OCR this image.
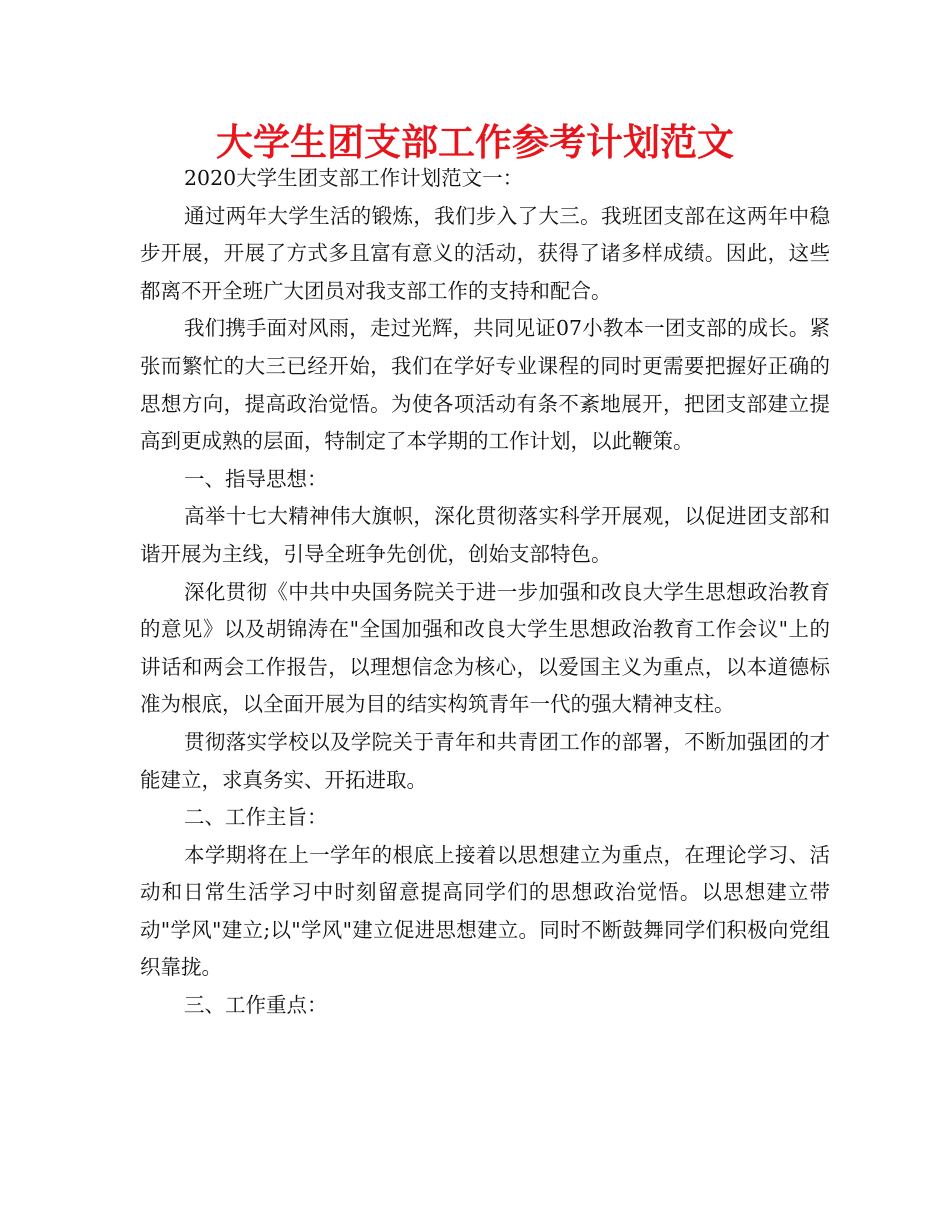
大学生团支部工作参考计划范文

2020大学生团支部工作计划范文一：

通过两年大学生活的锻炼，我们步入了大三。我班团支部在这两年中稳步开展，开展了方式多且富有意义的活动，获得了诸多样成绩。因此，这些都离不开全班广大团员对我支部工作的支持和配合。

我们携手面对风雨，走过光辉，共同见证07小教本一团支部的成长。紧张而繁忙的大三已经开始，我们在学好专业课程的同时更需要把握好正确的思想方向，提高政治觉悟。为使各项活动有条不紊地展开，把团支部建立提高到更成熟的层面，特制定了本学期的工作计划，以此鞭策。

一、指导思想：

高举十七大精神伟大旗帜，深化贯彻落实科学开展观，以促进团支部和谐开展为主线，引导全班争先创优，创始支部特色。

深化贯彻《中共中央国务院关于进一步加强和改良大学生思想政治教育的意见》以及胡锦涛在"全国加强和改良大学生思想政治教育工作会议"上的讲话和两会工作报告，以理想信念为核心，以爱国主义为重点，以本道德标准为根底，以全面开展为目的结实构筑青年一代的强大精神支柱。

贯彻落实学校以及学院关于青年和共青团工作的部署，不断加强团的才能建立，求真务实、开拓进取。

二、工作主旨：

本学期将在上一学年的根底上接着以思想建立为重点，在理论学习、活动和日常生活学习中时刻留意提高同学们的思想政治觉悟。以思想建立带动"学风"建立;以"学风"建立促进思想建立。同时不断鼓舞同学们积极向党组织靠拢。

三、工作重点：
